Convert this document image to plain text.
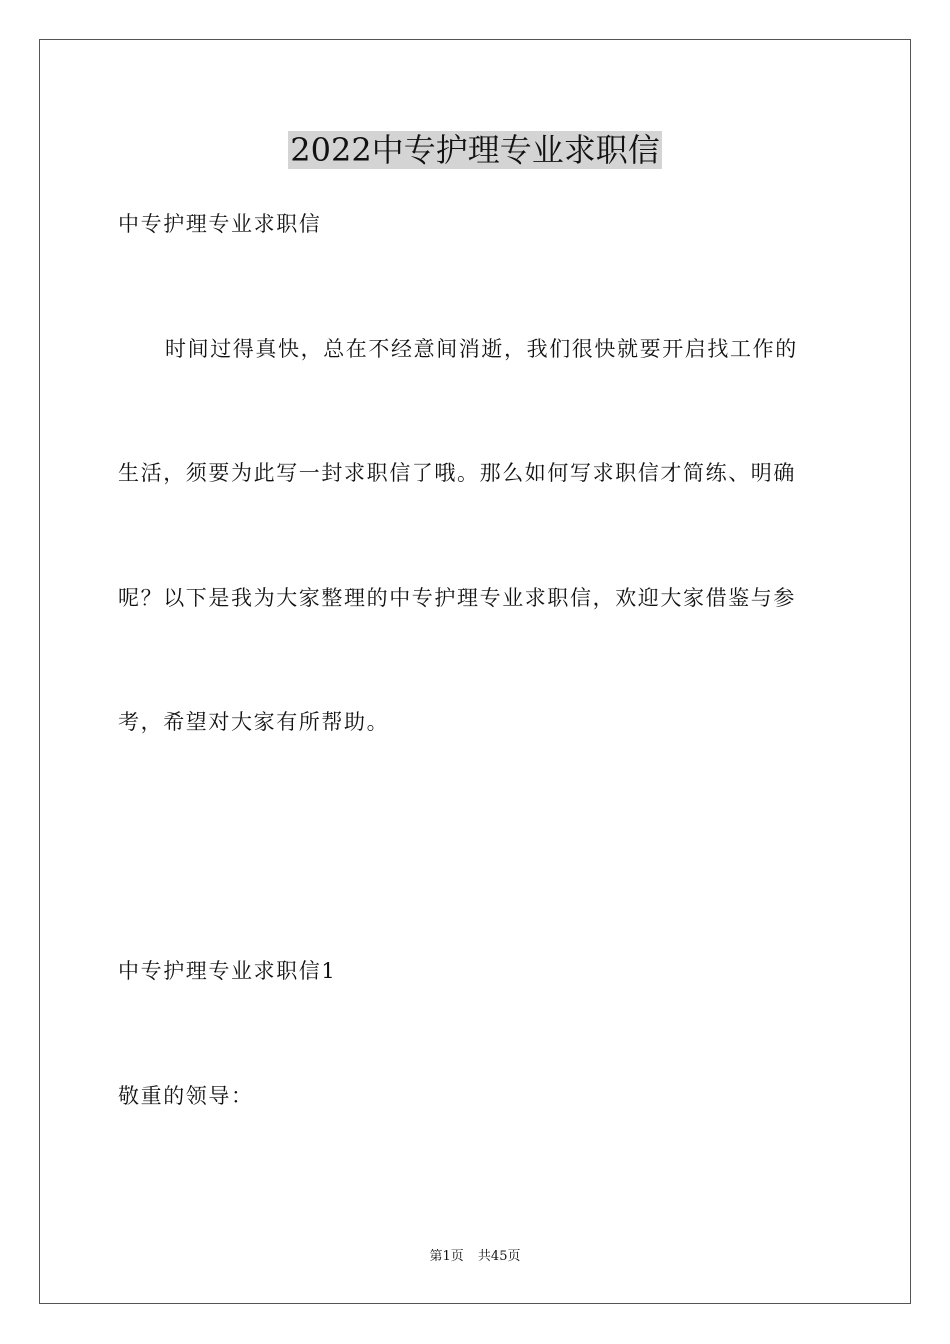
2022中专护理专业求职信

中专护理专业求职信

时间过得真快，总在不经意间消逝，我们很快就要开启找工作的

生活，须要为此写一封求职信了哦。那么如何写求职信才简练、明确

呢？以下是我为大家整理的中专护理专业求职信，欢迎大家借鉴与参

考，希望对大家有所帮助。

中专护理专业求职信1

敬重的领导：

第1页 共45页
